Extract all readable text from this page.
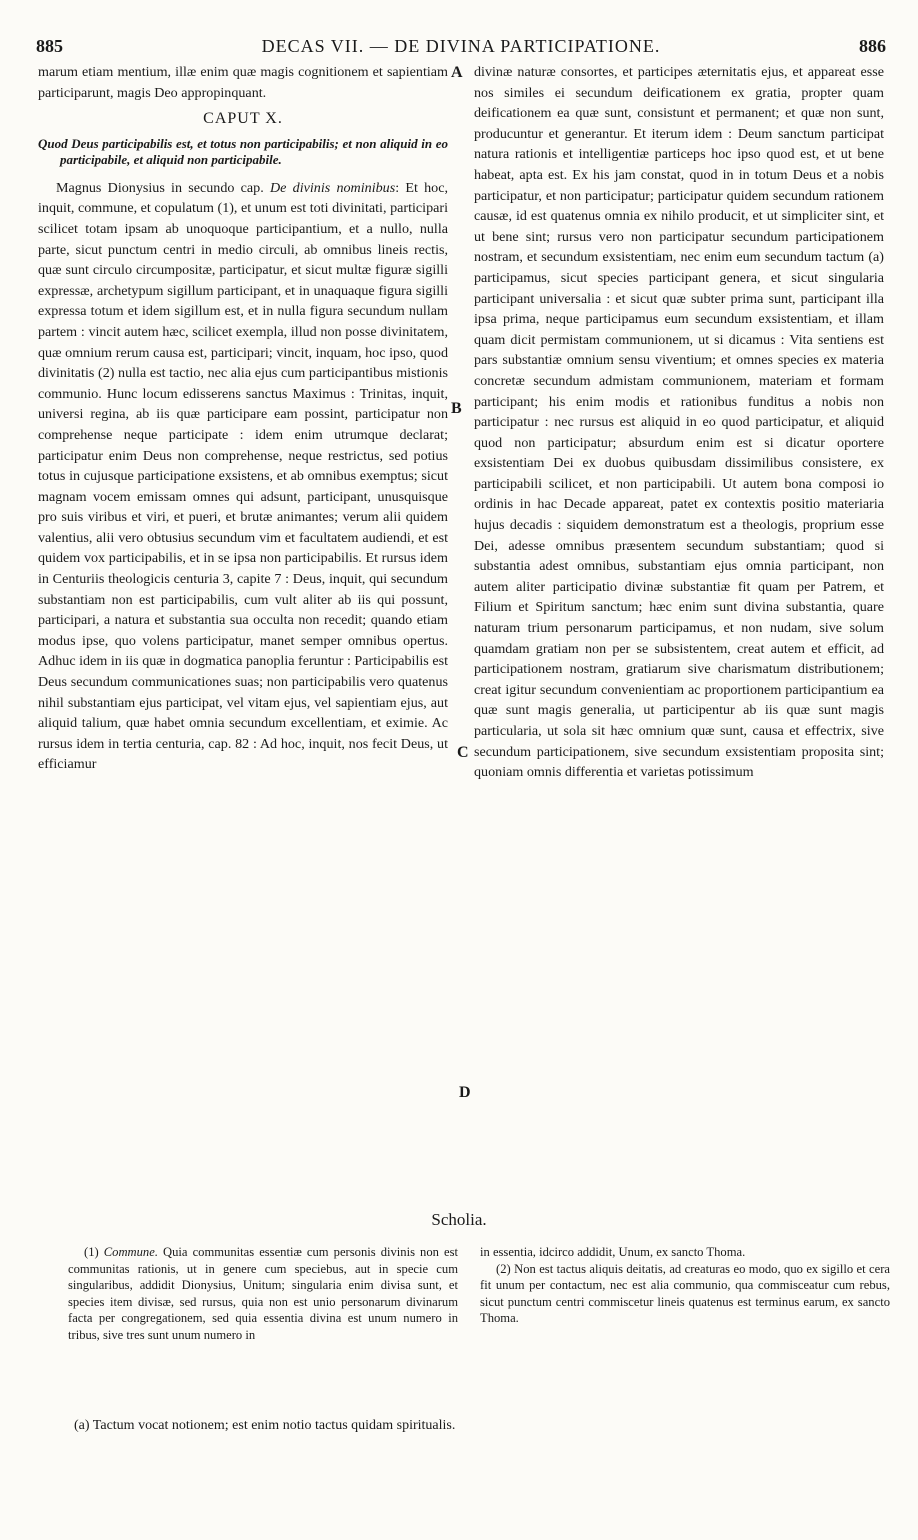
885	DECAS VII. — DE DIVINA PARTICIPATIONE.	886
A
B
C
D

marum etiam mentium, illæ enim quæ magis cognitionem et sapientiam participarunt, magis Deo appropinquant.

CAPUT X.
Quod Deus participabilis est, et totus non participabilis; et non aliquid in eo participabile, et aliquid non participabile.

Magnus Dionysius in secundo cap. De divinis nominibus: Et hoc, inquit, commune, et copulatum (1), et unum est toti divinitati, participari scilicet totam ipsam ab unoquoque participantium, et a nullo, nulla parte, sicut punctum centri in medio circuli, ab omnibus lineis rectis, quæ sunt circulo circumpositæ, participatur, et sicut multæ figuræ sigilli expressæ, archetypum sigillum participant, et in unaquaque figura sigilli expressa totum et idem sigillum est, et in nulla figura secundum nullam partem : vincit autem hæc, scilicet exempla, illud non posse divinitatem, quæ omnium rerum causa est, participari; vincit, inquam, hoc ipso, quod divinitatis (2) nulla est tactio, nec alia ejus cum participantibus mistionis communio. Hunc locum edisserens sanctus Maximus : Trinitas, inquit, universi regina, ab iis quæ participare eam possint, participatur non comprehense neque participate : idem enim utrumque declarat; participatur enim Deus non comprehense, neque restrictus, sed potius totus in cujusque participatione exsistens, et ab omnibus exemptus; sicut magnam vocem emissam omnes qui adsunt, participant, unusquisque pro suis viribus et viri, et pueri, et brutæ animantes; verum alii quidem valentius, alii vero obtusius secundum vim et facultatem audiendi, et est quidem vox participabilis, et in se ipsa non participabilis. Et rursus idem in Centuriis theologicis centuria 3, capite 7 : Deus, inquit, qui secundum substantiam non est participabilis, cum vult aliter ab iis qui possunt, participari, a natura et substantia sua occulta non recedit; quando etiam modus ipse, quo volens participatur, manet semper omnibus opertus. Adhuc idem in iis quæ in dogmatica panoplia feruntur : Participabilis est Deus secundum communicationes suas; non participabilis vero quatenus nihil substantiam ejus participat, vel vitam ejus, vel sapientiam ejus, aut aliquid talium, quæ habet omnia secundum excellentiam, et eximie. Ac rursus idem in tertia centuria, cap. 82 : Ad hoc, inquit, nos fecit Deus, ut efficiamur

divinæ naturæ consortes, et participes æternitatis ejus, et appareat esse nos similes ei secundum deificationem ex gratia, propter quam deificationem ea quæ sunt, consistunt et permanent; et quæ non sunt, producuntur et generantur. Et iterum idem : Deum sanctum participat natura rationis et intelligentiæ particeps hoc ipso quod est, et ut bene habeat, apta est. Ex his jam constat, quod in in totum Deus et a nobis participatur, et non participatur; participatur quidem secundum rationem causæ, id est quatenus omnia ex nihilo producit, et ut simpliciter sint, et ut bene sint; rursus vero non participatur secundum participationem nostram, et secundum exsistentiam, nec enim eum secundum tactum (a) participamus, sicut species participant genera, et sicut singularia participant universalia : et sicut quæ subter prima sunt, participant illa ipsa prima, neque participamus eum secundum exsistentiam, et illam quam dicit permistam communionem, ut si dicamus : Vita sentiens est pars substantiæ omnium sensu viventium; et omnes species ex materia concretæ secundum admistam communionem, materiam et formam participant; his enim modis et rationibus funditus a nobis non participatur : nec rursus est aliquid in eo quod participatur, et aliquid quod non participatur; absurdum enim est si dicatur oportere exsistentiam Dei ex duobus quibusdam dissimilibus consistere, ex participabili scilicet, et non participabili. Ut autem bona composi io ordinis in hac Decade appareat, patet ex contextis positio materiaria hujus decadis : siquidem demonstratum est a theologis, proprium esse Dei, adesse omnibus præsentem secundum substantiam; quod si substantia adest omnibus, substantiam ejus omnia participant, non autem aliter participatio divinæ substantiæ fit quam per Patrem, et Filium et Spiritum sanctum; hæc enim sunt divina substantia, quare naturam trium personarum participamus, et non nudam, sive solum quamdam gratiam non per se subsistentem, creat autem et efficit, ad participationem nostram, gratiarum sive charismatum distributionem; creat igitur secundum convenientiam ac proportionem participantium ea quæ sunt magis generalia, ut participentur ab iis quæ sunt magis particularia, ut sola sit hæc omnium quæ sunt, causa et effectrix, sive secundum participationem, sive secundum exsistentiam proposita sint; quoniam omnis differentia et varietas potissimum

Scholia.

(1) Commune. Quia communitas essentiæ cum personis divinis non est communitas rationis, ut in genere cum speciebus, aut in specie cum singularibus, addidit Dionysius, Unitum; singularia enim divisa sunt, et species item divisæ, sed rursus, quia non est unio personarum divinarum facta per congregationem, sed quia essentia divina est unum numero in tribus, sive tres sunt unum numero in

in essentia, idcirco addidit, Unum, ex sancto Thoma.

(2) Non est tactus aliquis deitatis, ad creaturas eo modo, quo ex sigillo et cera fit unum per contactum, nec est alia communio, qua commisceatur cum rebus, sicut punctum centri commiscetur lineis quatenus est terminus earum, ex sancto Thoma.

(a) Tactum vocat notionem; est enim notio tactus quidam spiritualis.
